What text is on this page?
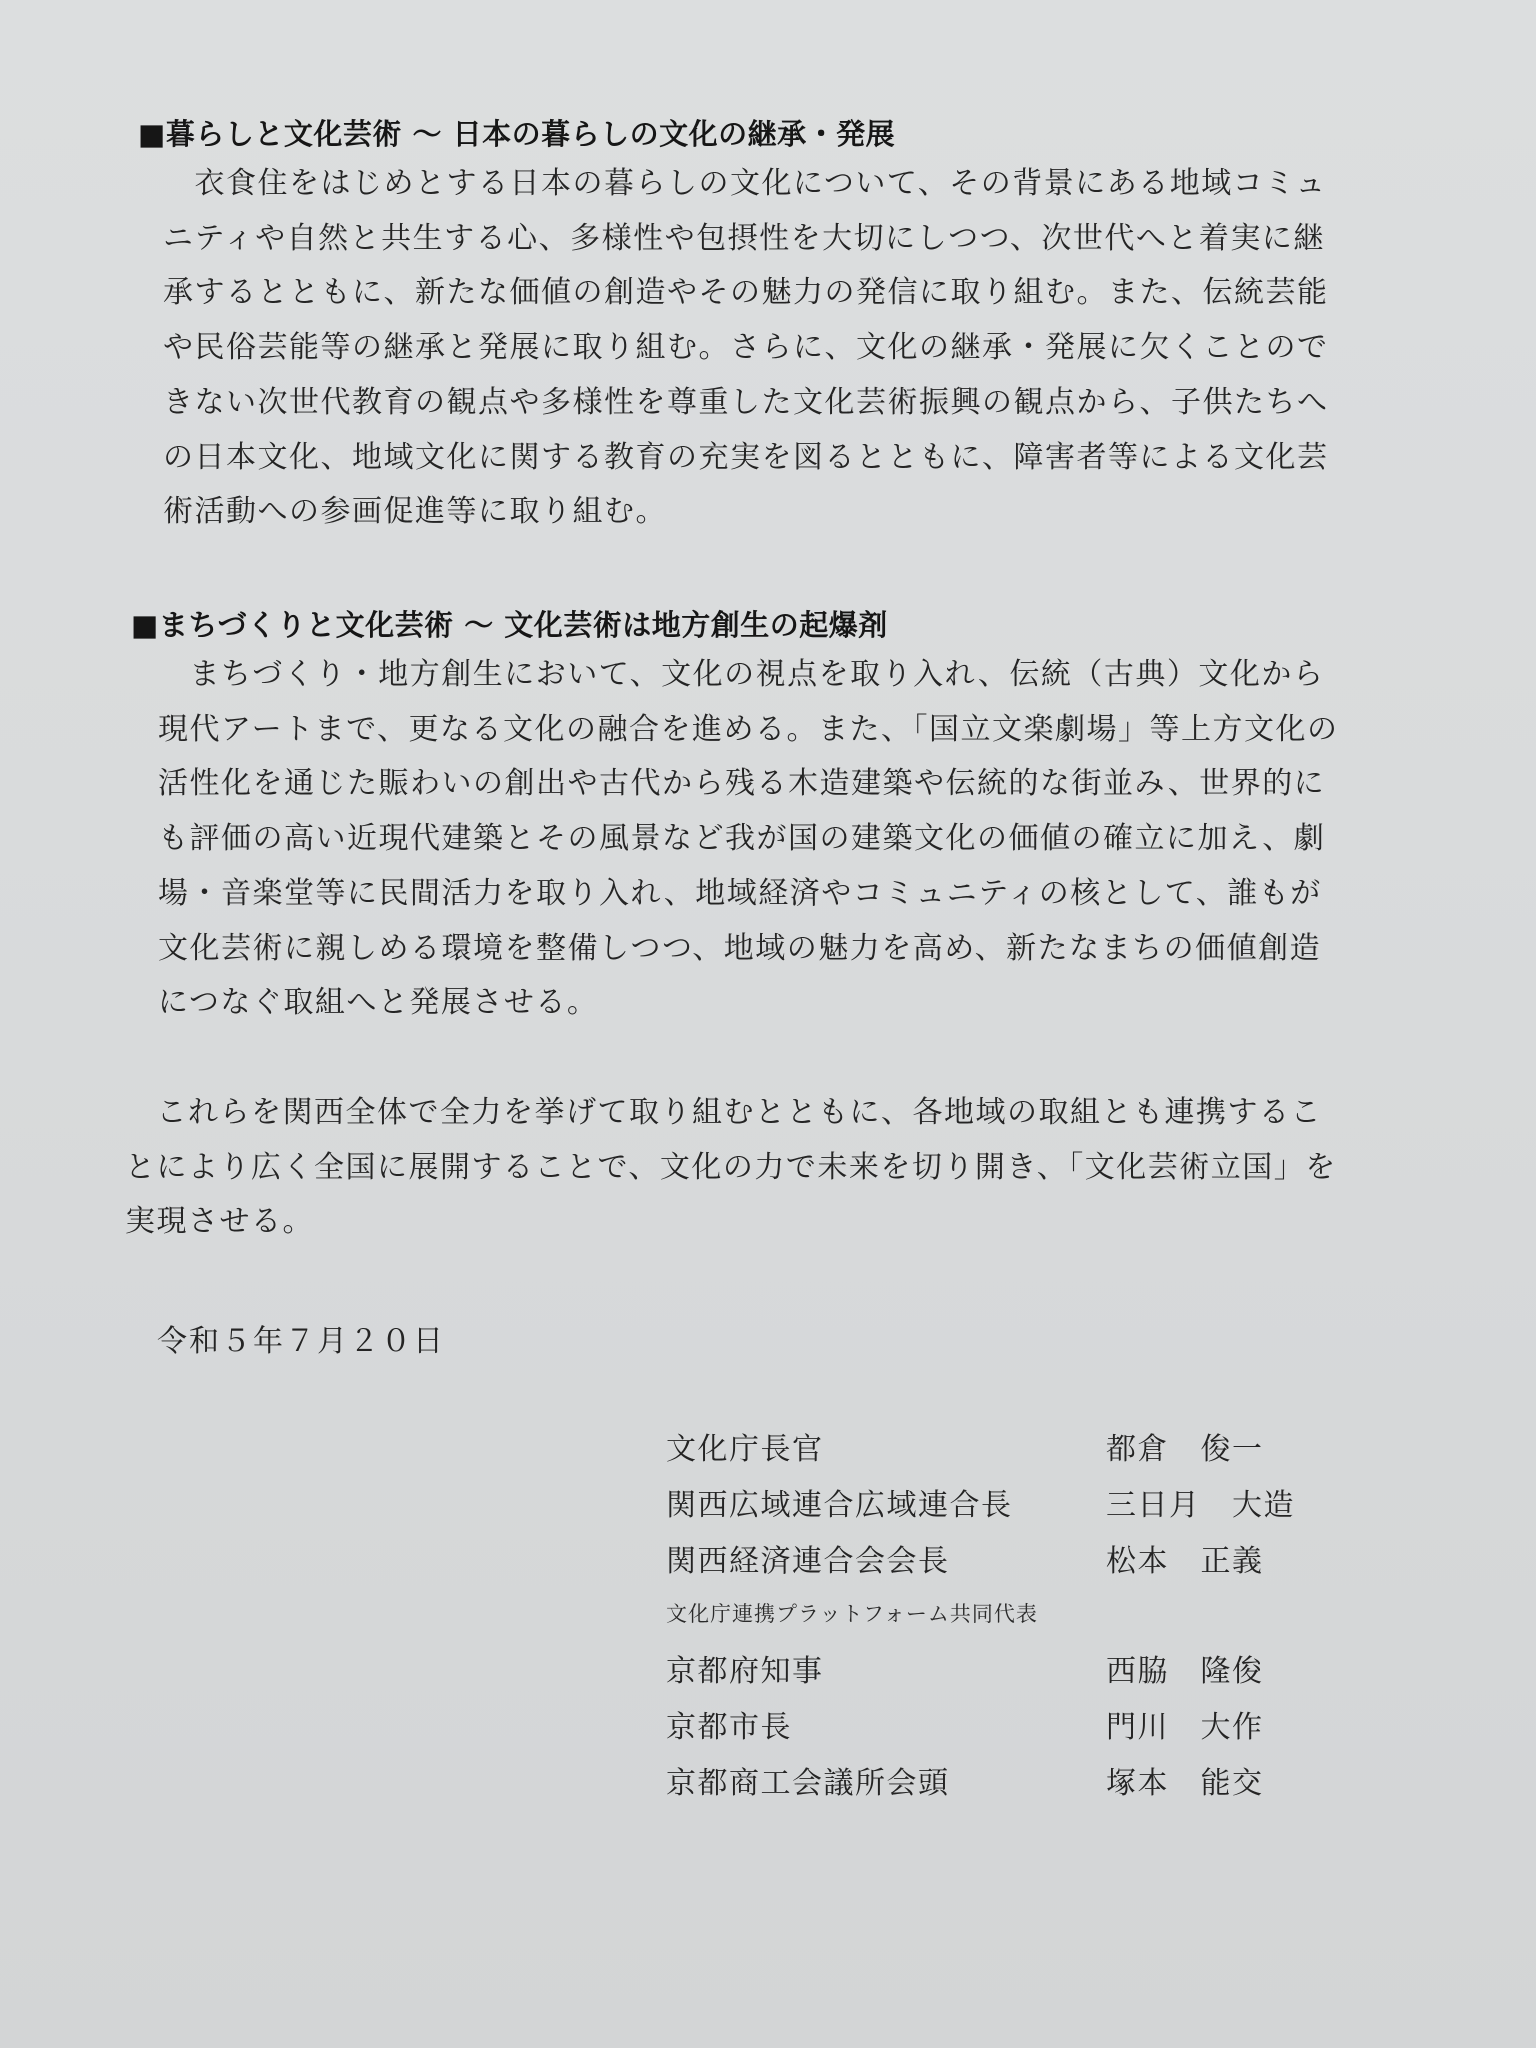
■暮らしと文化芸術 〜 日本の暮らしの文化の継承・発展

　衣食住をはじめとする日本の暮らしの文化について、その背景にある地域コミュ

ニティや自然と共生する心、多様性や包摂性を大切にしつつ、次世代へと着実に継

承するとともに、新たな価値の創造やその魅力の発信に取り組む。また、伝統芸能

や民俗芸能等の継承と発展に取り組む。さらに、文化の継承・発展に欠くことので

きない次世代教育の観点や多様性を尊重した文化芸術振興の観点から、子供たちへ

の日本文化、地域文化に関する教育の充実を図るとともに、障害者等による文化芸

術活動への参画促進等に取り組む。

■まちづくりと文化芸術 〜 文化芸術は地方創生の起爆剤

　まちづくり・地方創生において、文化の視点を取り入れ、伝統（古典）文化から

現代アートまで、更なる文化の融合を進める。また、「国立文楽劇場」等上方文化の

活性化を通じた賑わいの創出や古代から残る木造建築や伝統的な街並み、世界的に

も評価の高い近現代建築とその風景など我が国の建築文化の価値の確立に加え、劇

場・音楽堂等に民間活力を取り入れ、地域経済やコミュニティの核として、誰もが

文化芸術に親しめる環境を整備しつつ、地域の魅力を高め、新たなまちの価値創造

につなぐ取組へと発展させる。

　これらを関西全体で全力を挙げて取り組むとともに、各地域の取組とも連携するこ

とにより広く全国に展開することで、文化の力で未来を切り開き、「文化芸術立国」を

実現させる。

令和５年７月２０日
文化庁長官	都倉　俊一
関西広域連合広域連合長	三日月　大造
関西経済連合会会長	松本　正義
文化庁連携プラットフォーム共同代表
京都府知事	西脇　隆俊
京都市長	門川　大作
京都商工会議所会頭	塚本　能交
